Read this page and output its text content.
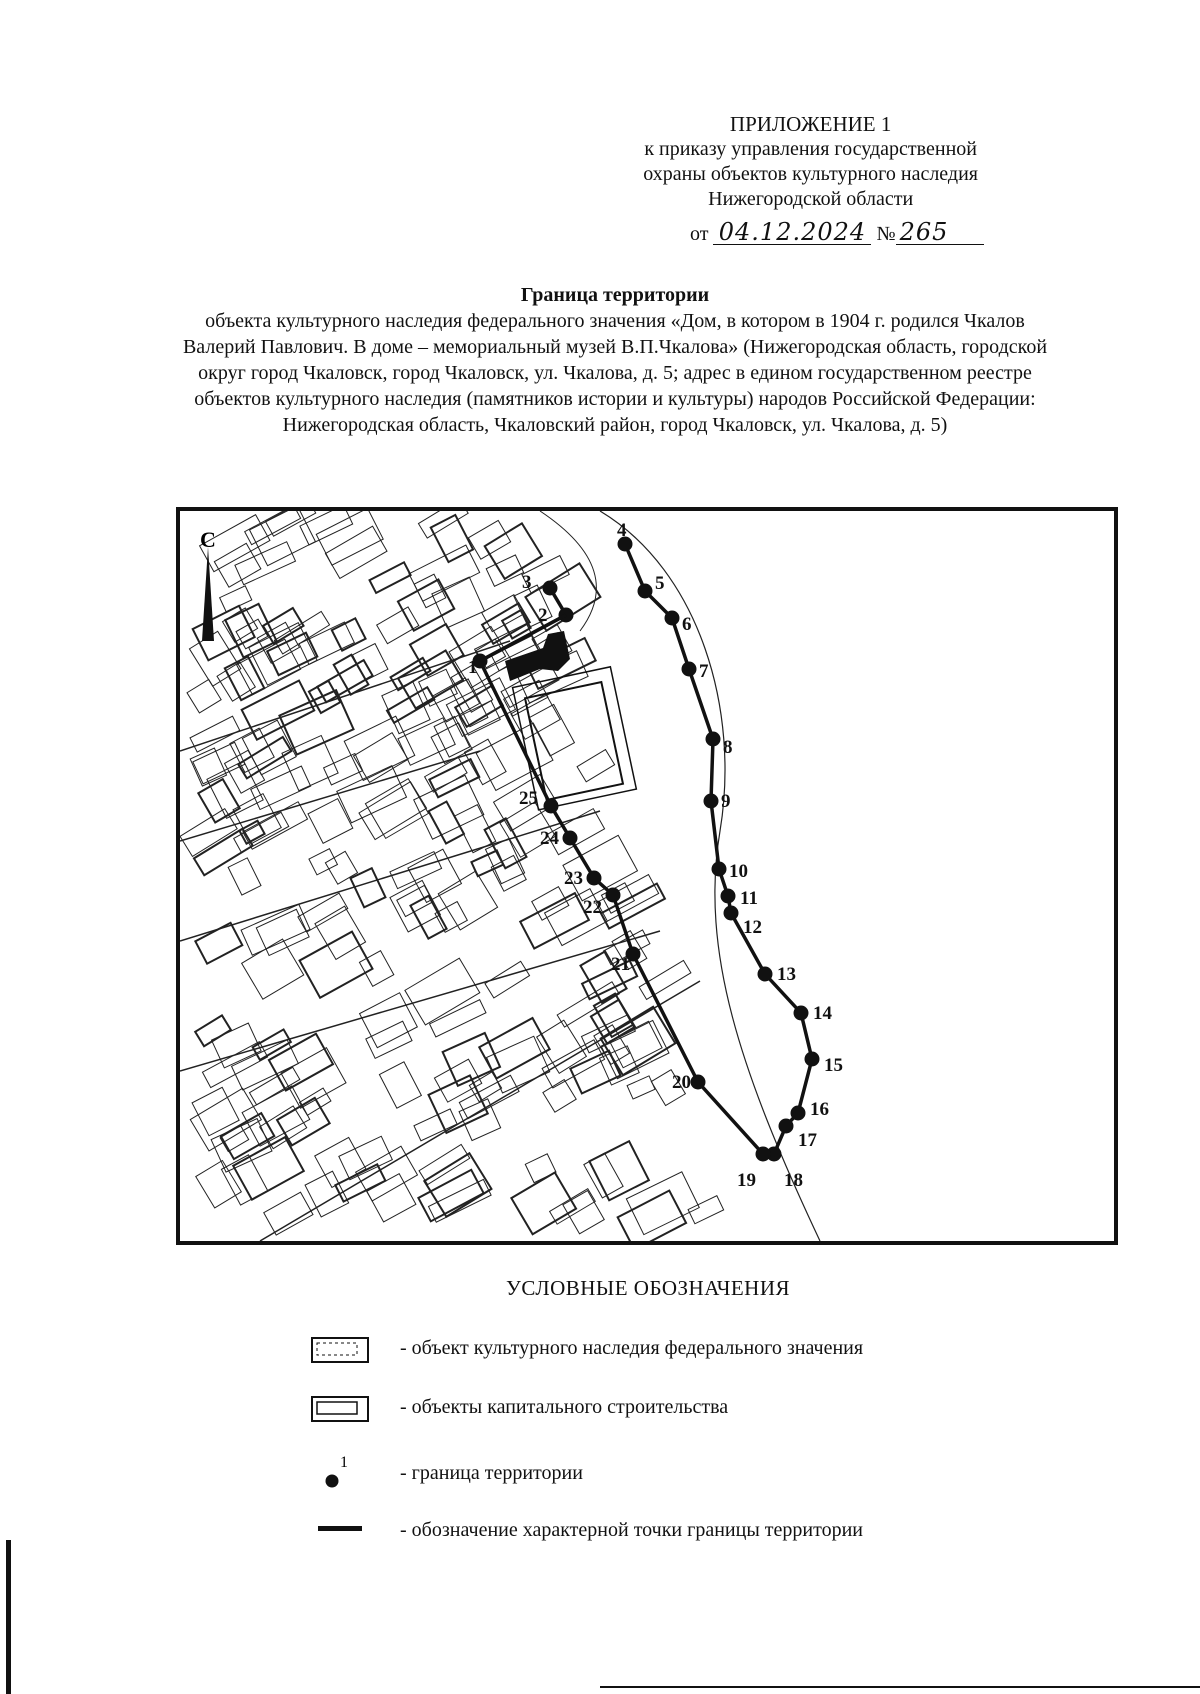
ПРИЛОЖЕНИЕ 1
к приказу управления государственной
охраны объектов культурного наследия
Нижегородской области
от 04.12.2024 № 265
Граница территории
объекта культурного наследия федерального значения «Дом, в котором в 1904 г. родился Чкалов Валерий Павлович. В доме – мемориальный музей В.П.Чкалова» (Нижегородская область, городской округ город Чкаловск, город Чкаловск, ул. Чкалова, д. 5; адрес в едином государственном реестре объектов культурного наследия (памятников истории и культуры) народов Российской Федерации: Нижегородская область, Чкаловский район, город Чкаловск, ул. Чкалова, д. 5)
С
1
2
3
4
5
6
7
8
9
10
11
12
13
14
15
16
17
18
19
20
21
22
23
24
25
УСЛОВНЫЕ ОБОЗНАЧЕНИЯ
- объект культурного наследия федерального значения
- объекты капитального строительства
1	- граница территории
- обозначение характерной точки границы территории
